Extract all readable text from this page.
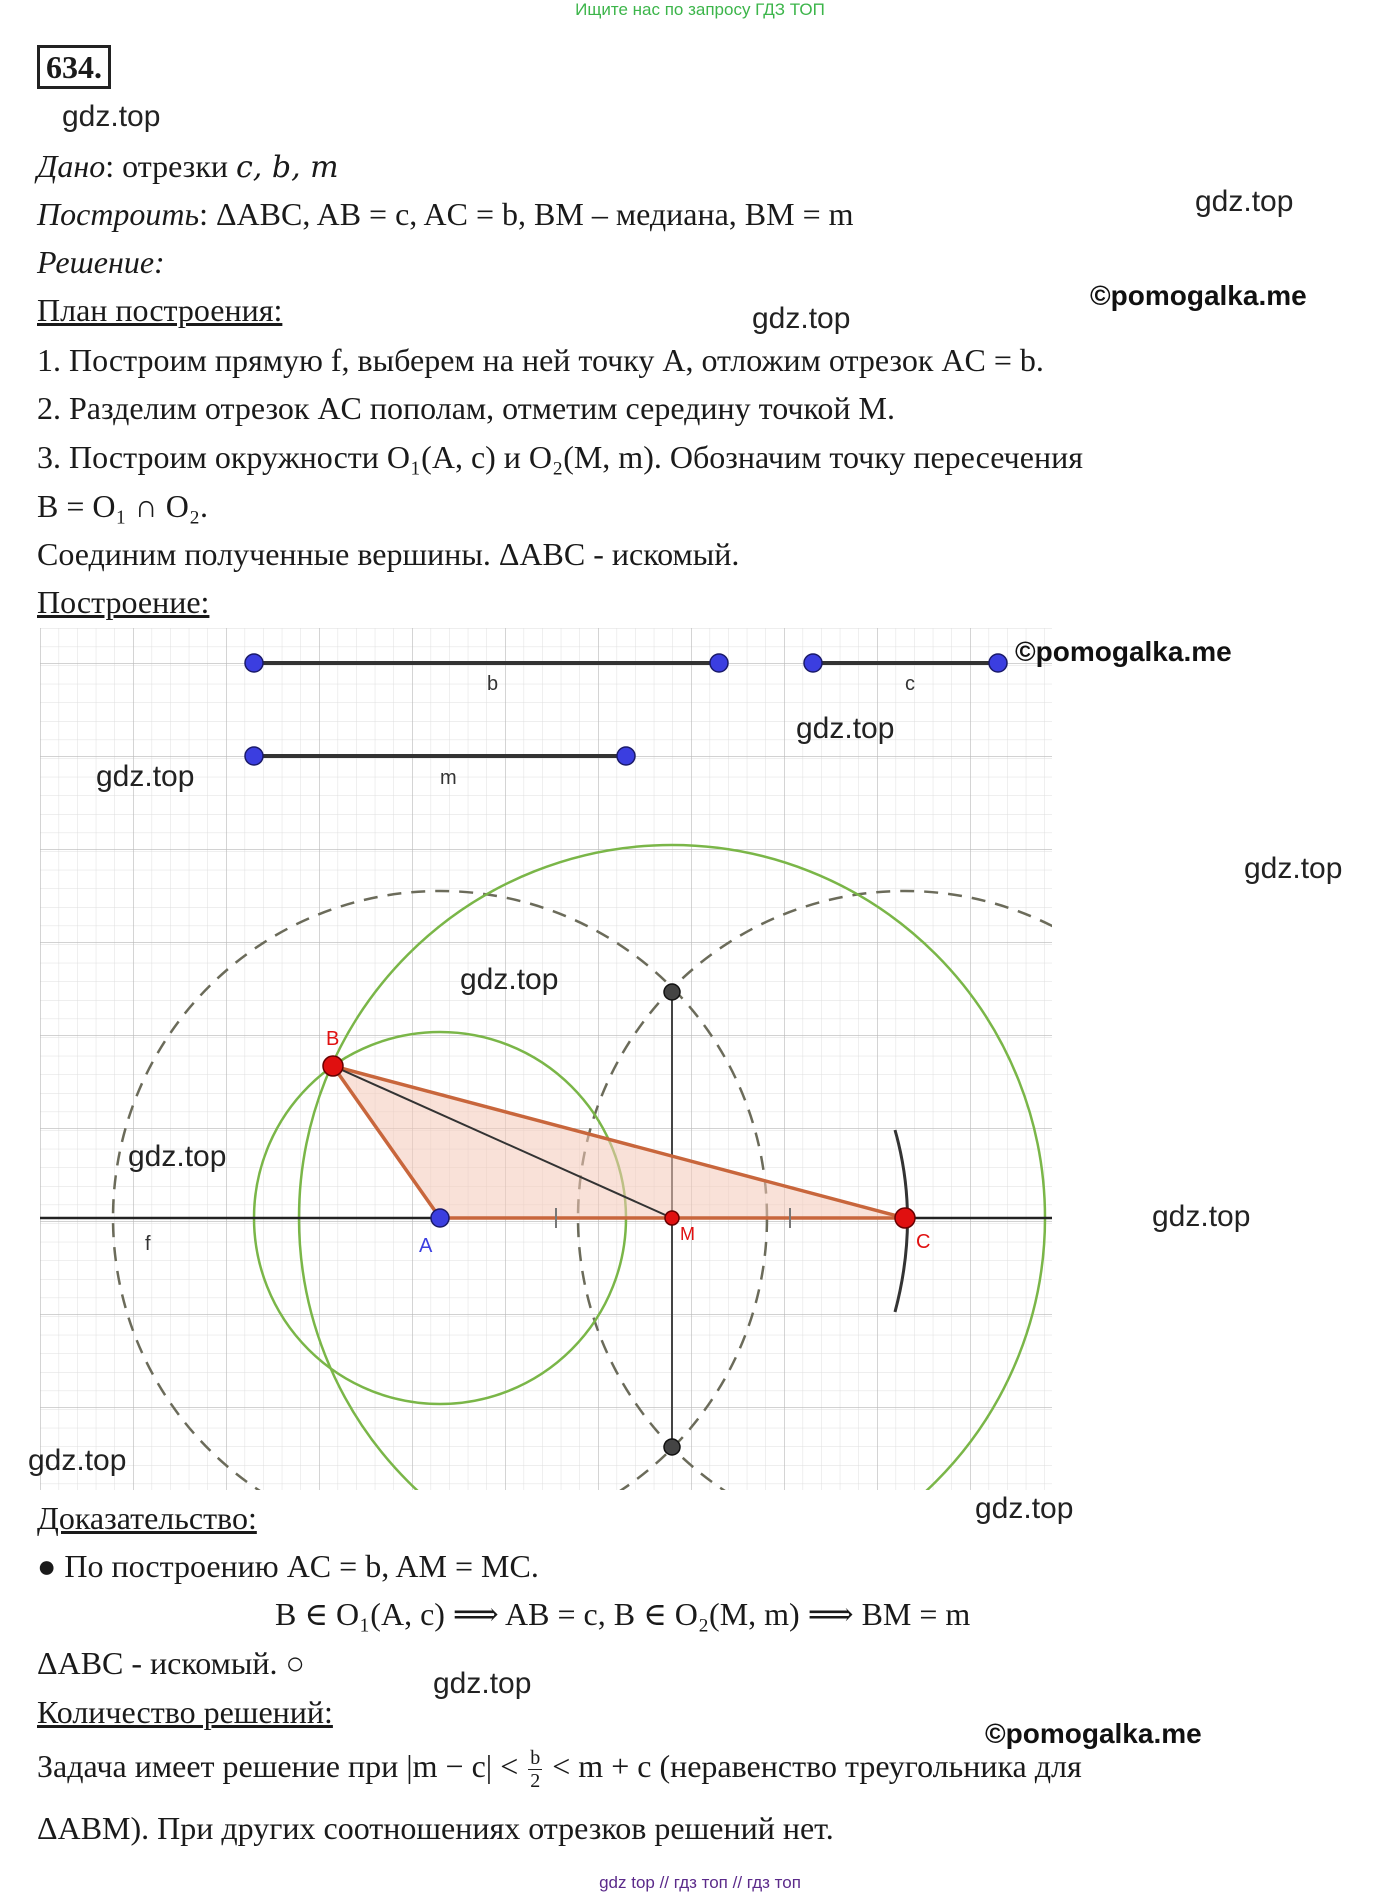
Ищите нас по запросу ГДЗ ТОП
634.
gdz.top
gdz.top
©pomogalka.me
gdz.top
Дано: отрезки c, b, m
Построить: ΔABC, AB = c, AC = b, BM – медиана, BM = m
Решение:
План построения:
1. Построим прямую f, выберем на ней точку A, отложим отрезок AC = b.
2. Разделим отрезок AC пополам, отметим середину точкой M.
3. Построим окружности O₁(A, c) и O₂(M, m). Обозначим точку пересечения
B = O₁ ∩ O₂.
Соединим полученные вершины. ΔABC - искомый.
Построение:
b	c
m
B
A	C
M
f
©pomogalka.me
gdz.top
gdz.top
gdz.top
gdz.top
gdz.top
gdz.top
gdz.top
gdz.top
Доказательство:
● По построению AC = b, AM = MC.
B ∈ O₁(A, c) ⟹ AB = c, B ∈ O₂(M, m) ⟹ BM = m
ΔABC - искомый. ○
gdz.top
Количество решений:
©pomogalka.me
Задача имеет решение при $|m - c| < \frac{b}{2} < m + c$ (неравенство треугольника для
ΔABM). При других соотношениях отрезков решений нет.
gdz top // гдз топ // гдз топ
